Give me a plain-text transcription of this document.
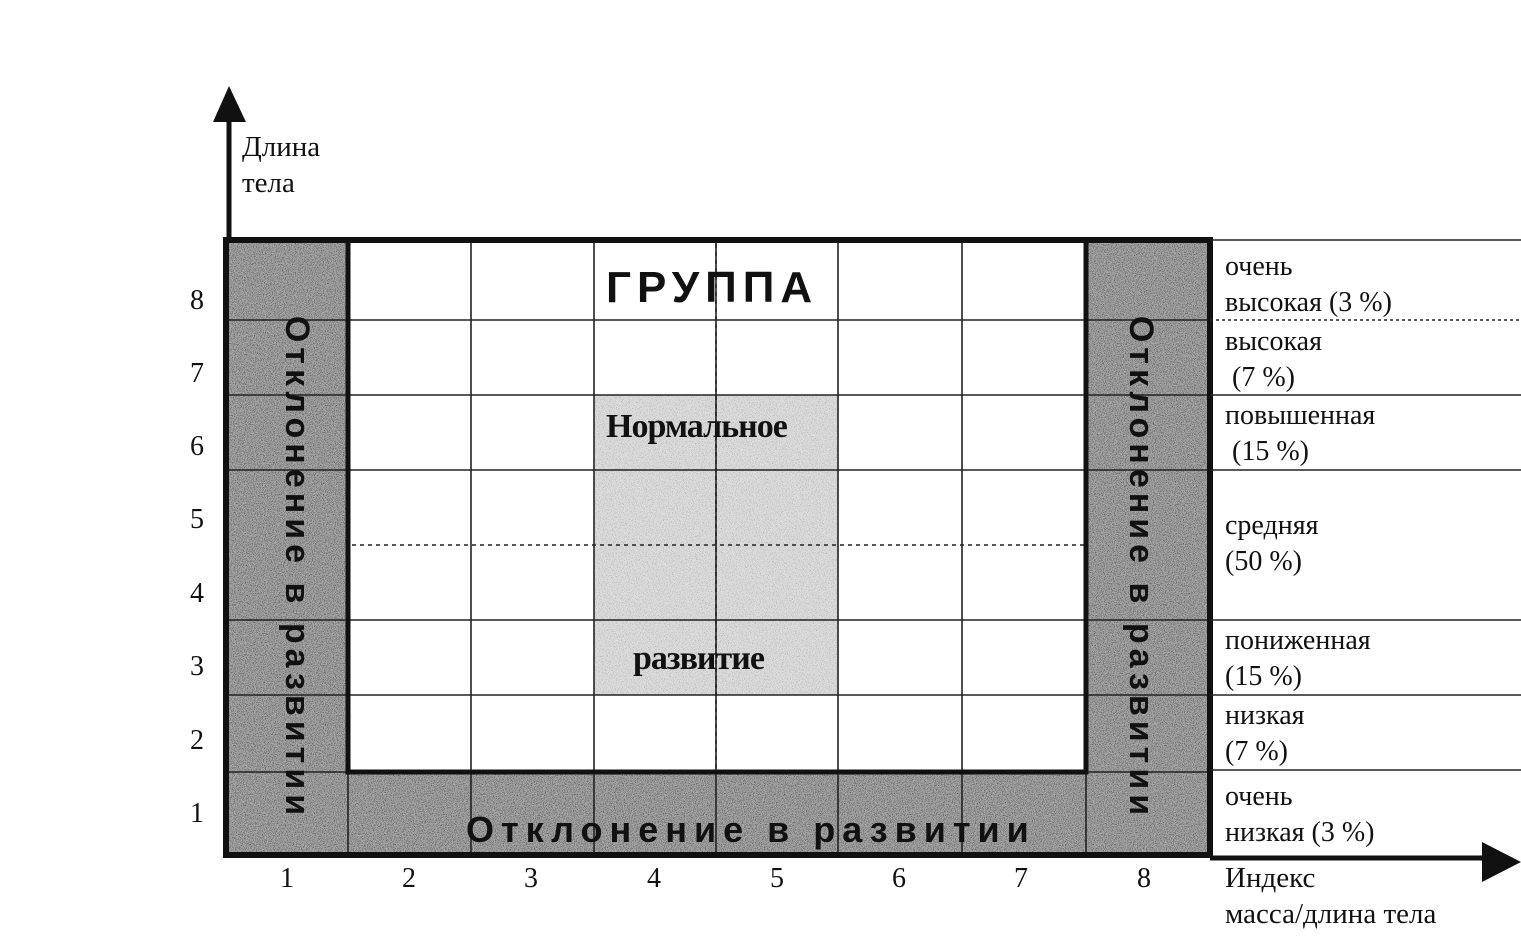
Длина
тела
Индекс
масса/длина тела
8
7
6
5
4
3
2
1
1	2	3	4	5	6	7	8
очень
высокая (3 %)
высокая
(7 %)
повышенная
(15 %)
средняя
(50 %)
пониженная
(15 %)
низкая
(7 %)
очень
низкая (3 %)
ГРУППА
Нормальное
развитие
Отклонение в развитии
Отклонение в развитии	Отклонение в развитии
